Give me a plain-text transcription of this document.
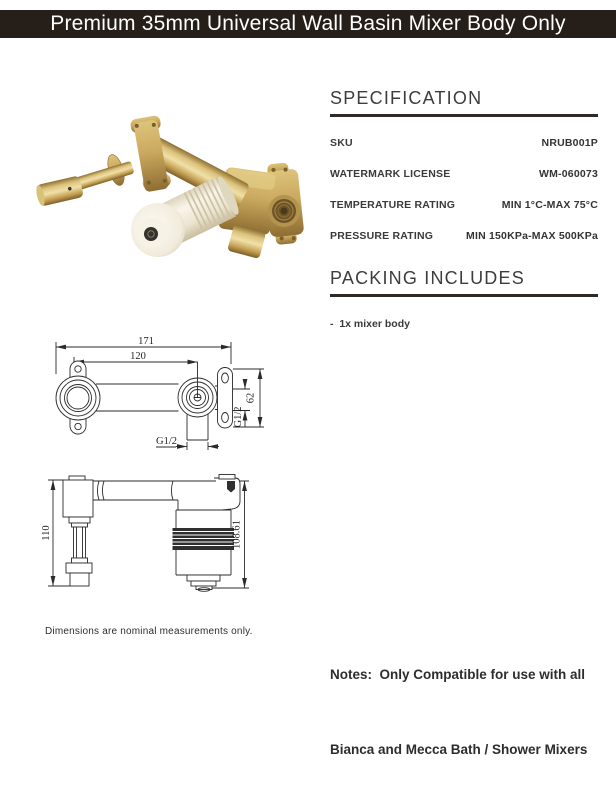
Premium 35mm Universal Wall Basin Mixer Body Only
SPECIFICATION
SKU	NRUB001P
WATERMARK LICENSE	WM-060073
TEMPERATURE RATING	MIN 1°C-MAX 75°C
PRESSURE RATING	MIN 150KPa-MAX 500KPa
PACKING INCLUDES
-  1x mixer body
171
120
G1/2
62
G1/2
110	108.61
Dimensions are nominal measurements only.

Notes:  Only Compatible for use with all

Bianca and Mecca Bath / Shower Mixers
